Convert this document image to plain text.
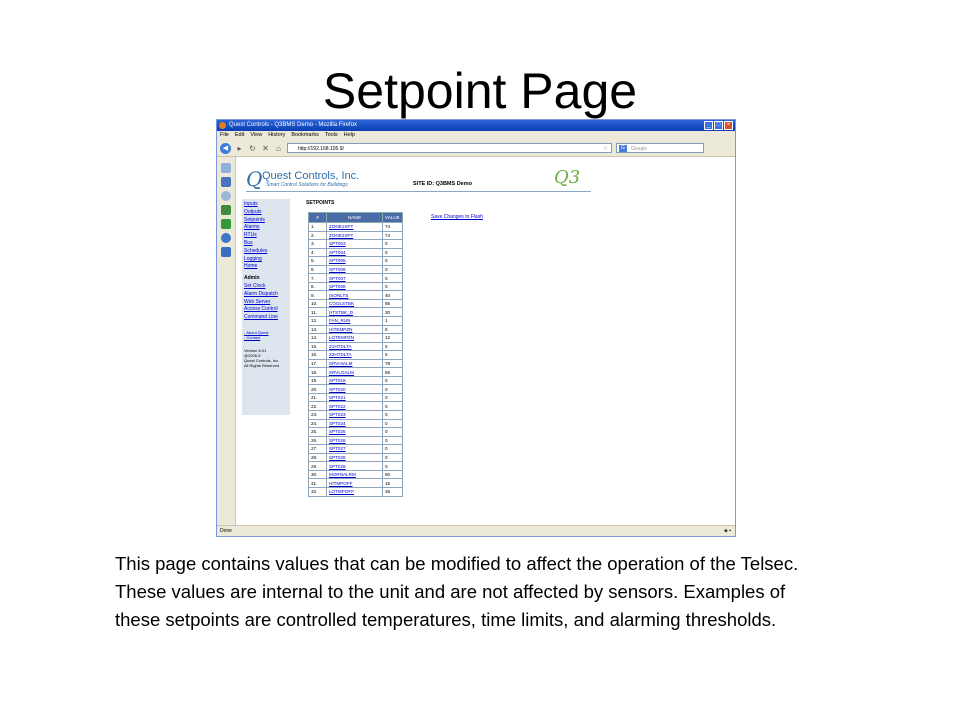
Setpoint Page
Quest Controls - Q3BMS Demo - Mozilla Firefox	_	□	×
File Edit View History Bookmarks Tools Help
◀	▸ ↻ ✕ ⌂	http://192.168.105.9/	☆	G	Google
Q Quest Controls, Inc.
Smart Control Solutions for Buildings	SITE ID: Q3BMS Demo	Q3
Inputs
Outputs
Setpoints
Alarms
RTUs
Bus
Schedules
Logging
Home
Admin
Set Clock
Alarm Dispatch
Web Server
Access Control
Command Line
- About Quest
- Contact
Version 6.01
@2006-9
Quest Controls, Inc.
All Rights Reserved
SETPOINTS
#	NAME	VALUE
1.	ZONE1SPT	74
2.	ZONE2SPT	74
3.	SPT003	0
4.	SPT004	0
5.	SPT005	0
6.	SPT006	0
7.	SPT007	0
8.	SPT008	0
9.	ISONLTS	40
10.	COOLSTBK	85
11.	HTSTBK_D	30
12.	FAN_RUN	1
13.	HITEMPZN	8
14.	LOTEMPZN	12
15.	Z1HTDLTA	5
16.	Z2HTDLTA	5
17.	SRVHIALM	78
18.	SRVLOALM	55
19.	SPT019	0
20.	SPT020	0
21.	SPT021	0
22.	SPT022	0
23.	SPT023	0
24.	SPT024	0
25.	SPT025	0
26.	SPT026	0
27.	SPT027	0
28.	SPT028	0
29.	SPT029	0
30.	MORNALRM	60
31.	HITMPOFF	15
32.	LOTMPOFF	35
Save Changes to Flash
Done	◈ ▪
This page contains values that can be modified to affect the operation of the Telsec. These values are internal to the unit and are not affected by sensors. Examples of these setpoints are controlled temperatures, time limits, and alarming thresholds.
